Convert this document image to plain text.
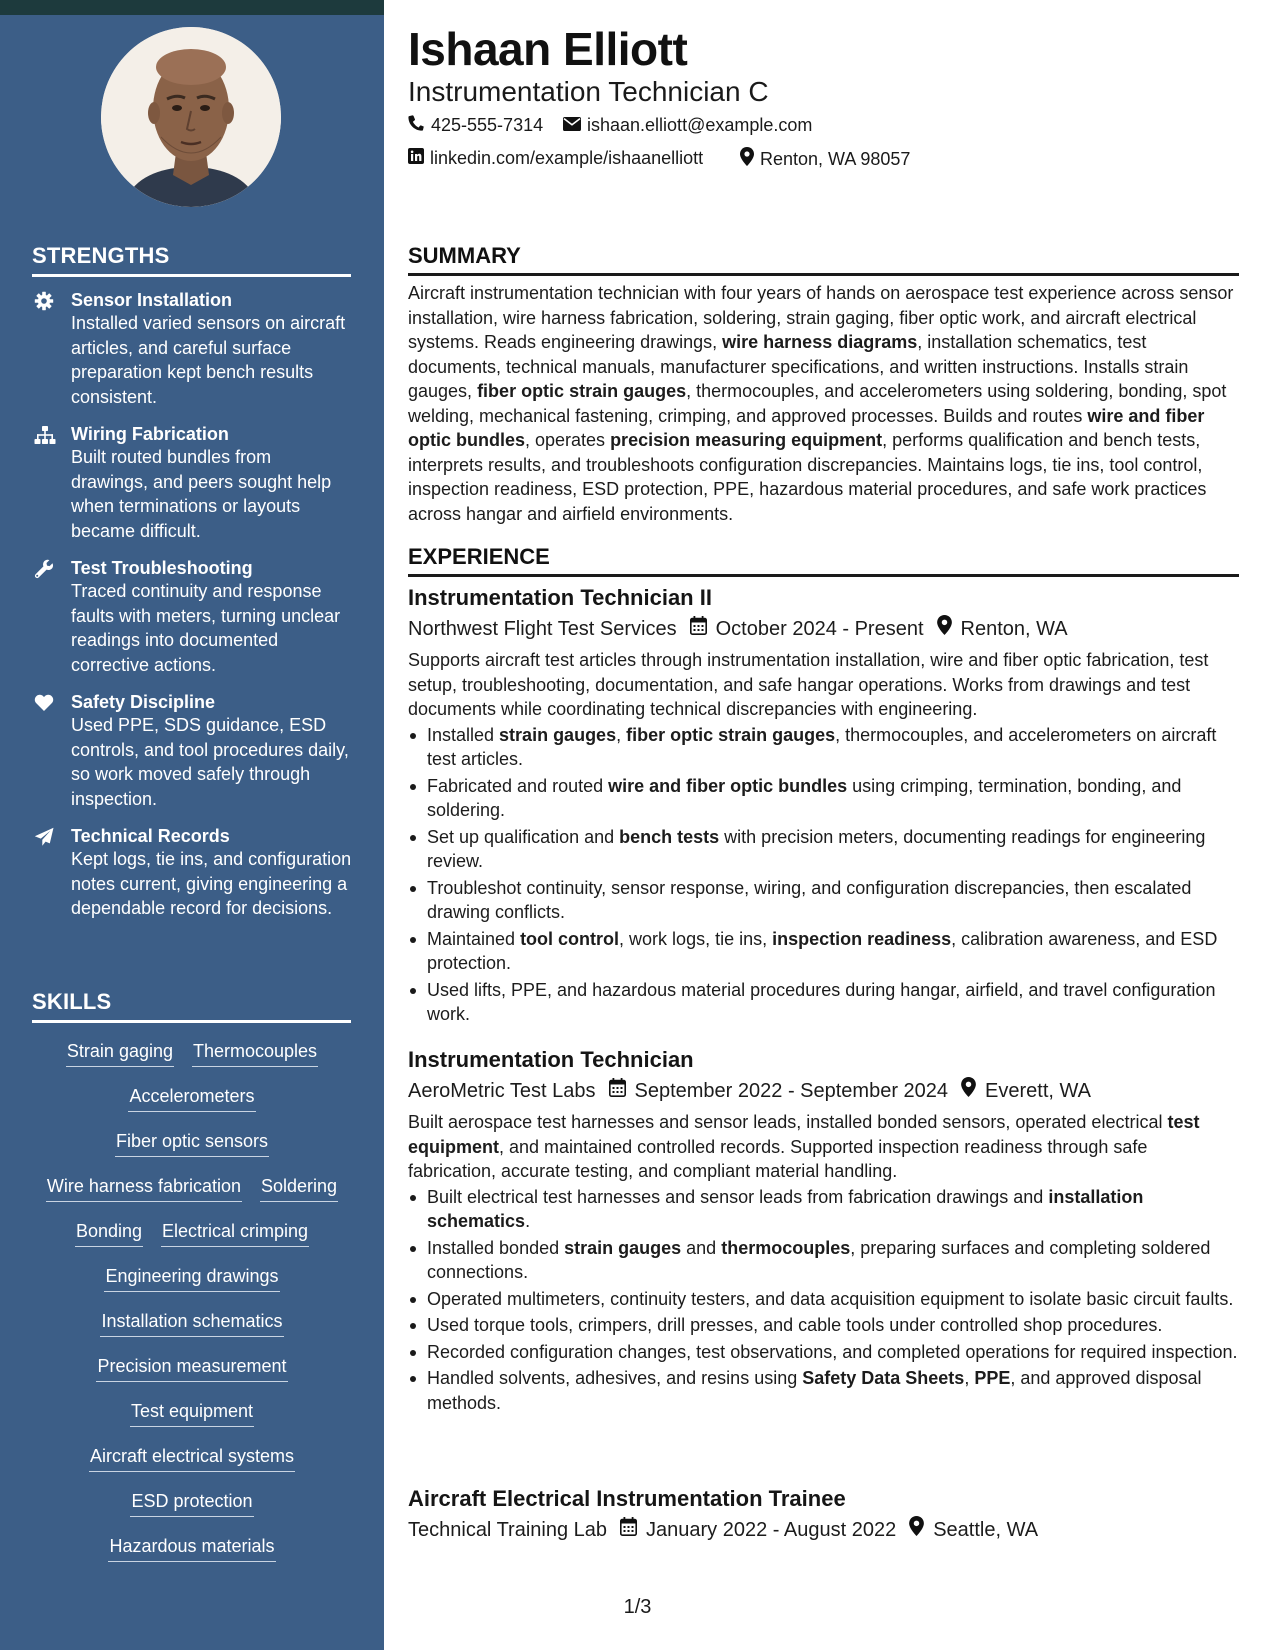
STRENGTHS
Sensor Installation
Installed varied sensors on aircraft articles, and careful surface preparation kept bench results consistent.
Wiring Fabrication
Built routed bundles from drawings, and peers sought help when terminations or layouts became difficult.
Test Troubleshooting
Traced continuity and response faults with meters, turning unclear readings into documented corrective actions.
Safety Discipline
Used PPE, SDS guidance, ESD controls, and tool procedures daily, so work moved safely through inspection.
Technical Records
Kept logs, tie ins, and configuration notes current, giving engineering a dependable record for decisions.
SKILLS
Strain gaging Thermocouples
Accelerometers
Fiber optic sensors
Wire harness fabrication Soldering
Bonding Electrical crimping
Engineering drawings
Installation schematics
Precision measurement
Test equipment
Aircraft electrical systems
ESD protection
Hazardous materials
Ishaan Elliott
Instrumentation Technician C
425-555-7314 ishaan.elliott@example.com
linkedin.com/example/ishaanelliott	Renton, WA 98057
SUMMARY

Aircraft instrumentation technician with four years of hands on aerospace test experience across sensor installation, wire harness fabrication, soldering, strain gaging, fiber optic work, and aircraft electrical systems. Reads engineering drawings, wire harness diagrams, installation schematics, test documents, technical manuals, manufacturer specifications, and written instructions. Installs strain gauges, fiber optic strain gauges, thermocouples, and accelerometers using soldering, bonding, spot welding, mechanical fastening, crimping, and approved processes. Builds and routes wire and fiber optic bundles, operates precision measuring equipment, performs qualification and bench tests, interprets results, and troubleshoots configuration discrepancies. Maintains logs, tie ins, tool control, inspection readiness, ESD protection, PPE, hazardous material procedures, and safe work practices across hangar and airfield environments.

EXPERIENCE
Instrumentation Technician II
Northwest Flight Test Services October 2024 - Present Renton, WA

Supports aircraft test articles through instrumentation installation, wire and fiber optic fabrication, test setup, troubleshooting, documentation, and safe hangar operations. Works from drawings and test documents while coordinating technical discrepancies with engineering.

Installed strain gauges, fiber optic strain gauges, thermocouples, and accelerometers on aircraft test articles.
Fabricated and routed wire and fiber optic bundles using crimping, termination, bonding, and soldering.
Set up qualification and bench tests with precision meters, documenting readings for engineering review.
Troubleshot continuity, sensor response, wiring, and configuration discrepancies, then escalated drawing conflicts.
Maintained tool control, work logs, tie ins, inspection readiness, calibration awareness, and ESD protection.
Used lifts, PPE, and hazardous material procedures during hangar, airfield, and travel configuration work.
Instrumentation Technician
AeroMetric Test Labs September 2022 - September 2024 Everett, WA

Built aerospace test harnesses and sensor leads, installed bonded sensors, operated electrical test equipment, and maintained controlled records. Supported inspection readiness through safe fabrication, accurate testing, and compliant material handling.

Built electrical test harnesses and sensor leads from fabrication drawings and installation schematics.
Installed bonded strain gauges and thermocouples, preparing surfaces and completing soldered connections.
Operated multimeters, continuity testers, and data acquisition equipment to isolate basic circuit faults.
Used torque tools, crimpers, drill presses, and cable tools under controlled shop procedures.
Recorded configuration changes, test observations, and completed operations for required inspection.
Handled solvents, adhesives, and resins using Safety Data Sheets, PPE, and approved disposal methods.
Aircraft Electrical Instrumentation Trainee
Technical Training Lab January 2022 - August 2022 Seattle, WA
1/3
